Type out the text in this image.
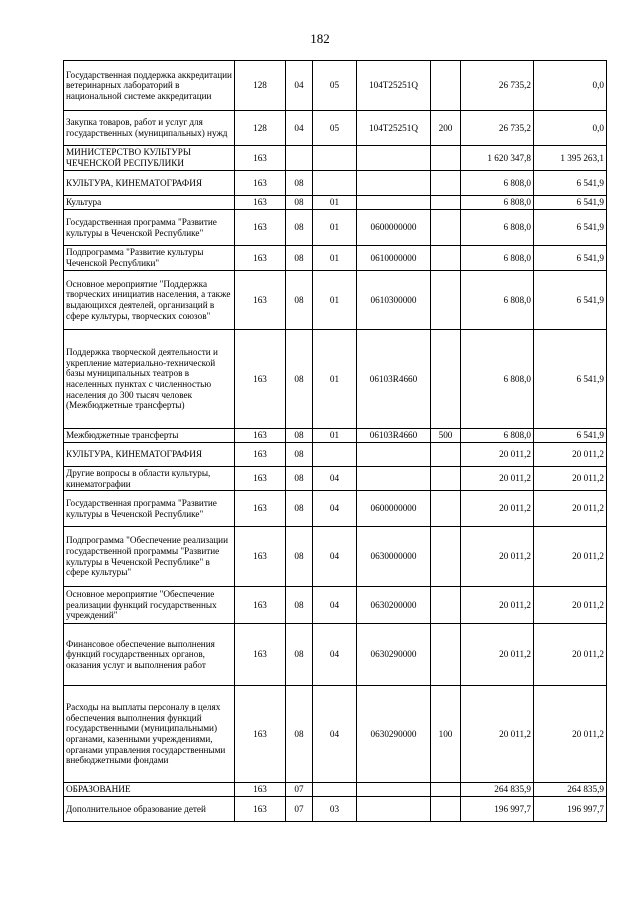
182
Государственная поддержка аккредитации ветеринарных лабораторий в национальной системе аккредитации	128	04	05	104Т25251Q		26 735,2	0,0
Закупка товаров, работ и услуг для государственных (муниципальных) нужд	128	04	05	104Т25251Q	200	26 735,2	0,0
МИНИСТЕРСТВО КУЛЬТУРЫ ЧЕЧЕНСКОЙ РЕСПУБЛИКИ	163					1 620 347,8	1 395 263,1
КУЛЬТУРА, КИНЕМАТОГРАФИЯ	163	08				6 808,0	6 541,9
Культура	163	08	01			6 808,0	6 541,9
Государственная программа "Развитие культуры в Чеченской Республике"	163	08	01	0600000000		6 808,0	6 541,9
Подпрограмма "Развитие культуры Чеченской Республики"	163	08	01	0610000000		6 808,0	6 541,9
Основное мероприятие "Поддержка творческих инициатив населения, а также выдающихся деятелей, организаций в сфере культуры, творческих союзов"	163	08	01	0610300000		6 808,0	6 541,9
Поддержка творческой деятельности и укрепление материально-технической базы муниципальных театров в населенных пунктах с численностью населения до 300 тысяч человек (Межбюджетные трансферты)	163	08	01	06103R4660		6 808,0	6 541,9
Межбюджетные трансферты	163	08	01	06103R4660	500	6 808,0	6 541,9
КУЛЬТУРА, КИНЕМАТОГРАФИЯ	163	08				20 011,2	20 011,2
Другие вопросы в области культуры, кинематографии	163	08	04			20 011,2	20 011,2
Государственная программа "Развитие культуры в Чеченской Республике"	163	08	04	0600000000		20 011,2	20 011,2
Подпрограмма "Обеспечение реализации государственной программы "Развитие культуры в Чеченской Республике" в сфере культуры"	163	08	04	0630000000		20 011,2	20 011,2
Основное мероприятие "Обеспечение реализации функций государственных учреждений"	163	08	04	0630200000		20 011,2	20 011,2
Финансовое обеспечение выполнения функций государственных органов, оказания услуг и выполнения работ	163	08	04	0630290000		20 011,2	20 011,2
Расходы на выплаты персоналу в целях обеспечения выполнения функций государственными (муниципальными) органами, казенными учреждениями, органами управления государственными внебюджетными фондами	163	08	04	0630290000	100	20 011,2	20 011,2
ОБРАЗОВАНИЕ	163	07				264 835,9	264 835,9
Дополнительное образование детей	163	07	03			196 997,7	196 997,7
